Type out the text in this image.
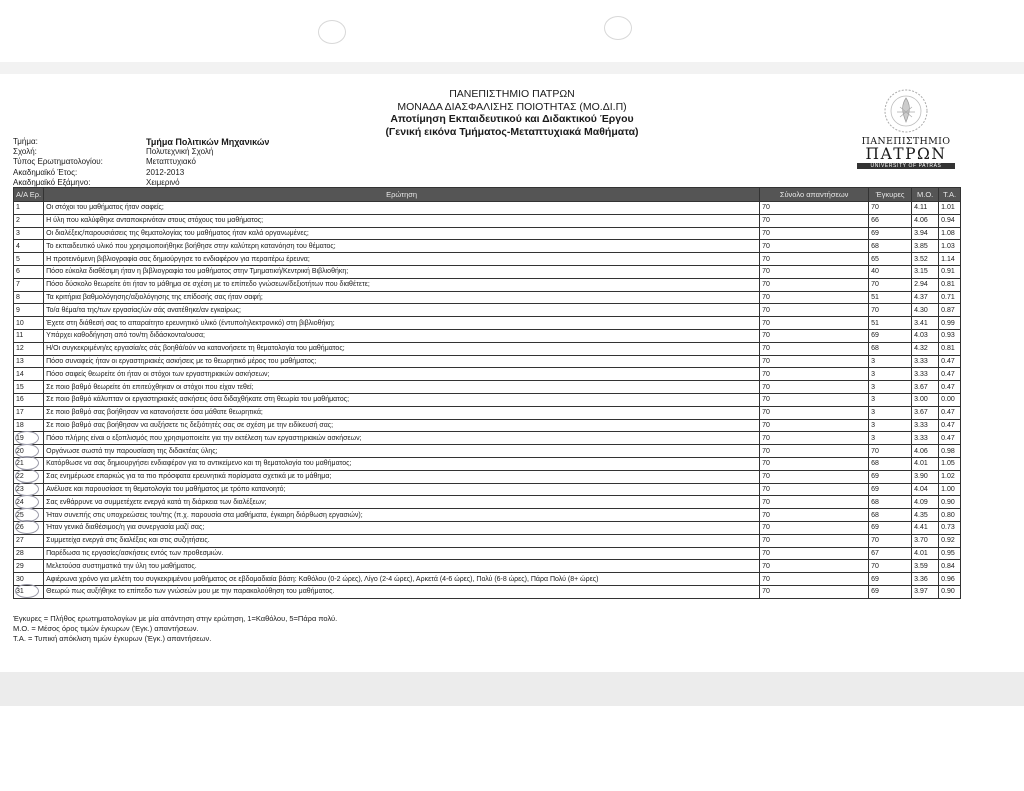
ΠΑΝΕΠΙΣΤΗΜΙΟ ΠΑΤΡΩΝ
ΜΟΝΑΔΑ ΔΙΑΣΦΑΛΙΣΗΣ ΠΟΙΟΤΗΤΑΣ (ΜΟ.ΔΙ.Π)
Αποτίμηση Εκπαιδευτικού και Διδακτικού Έργου
(Γενική εικόνα Τμήματος-Μεταπτυχιακά Μαθήματα)
Τμήμα:	Τμήμα Πολιτικών Μηχανικών
Σχολή:	Πολυτεχνική Σχολή
Τύπος Ερωτηματολογίου:	Μεταπτυχιακό
Ακαδημαϊκό Έτος:	2012-2013
Ακαδημαϊκό Εξάμηνο:	Χειμερινό
ΠΑΝΕΠΙΣΤΗΜΙΟ
ΠΑΤΡΩΝ
UNIVERSITY OF PATRAS
Α/Α Ερ.	Ερώτηση	Σύνολο απαντήσεων	Έγκυρες	Μ.Ο.	Τ.Α.
1	Οι στόχοι του μαθήματος ήταν σαφείς;	70	70	4.11	1.01
2	Η ύλη που καλύφθηκε ανταποκρινόταν στους στόχους του μαθήματος;	70	66	4.06	0.94
3	Οι διαλέξεις/παρουσιάσεις της θεματολογίας του μαθήματος ήταν καλά οργανωμένες;	70	69	3.94	1.08
4	Το εκπαιδευτικό υλικό που χρησιμοποιήθηκε βοήθησε στην καλύτερη κατανόηση του θέματος;	70	68	3.85	1.03
5	Η προτεινόμενη βιβλιογραφία σας δημιούργησε το ενδιαφέρον για περαιτέρω έρευνα;	70	65	3.52	1.14
6	Πόσο εύκολα διαθέσιμη ήταν η βιβλιογραφία του μαθήματος στην Τμηματική/Κεντρική Βιβλιοθήκη;	70	40	3.15	0.91
7	Πόσο δύσκολο θεωρείτε ότι ήταν το μάθημα σε σχέση με το επίπεδο γνώσεων/δεξιοτήτων που διαθέτετε;	70	70	2.94	0.81
8	Τα κριτήρια βαθμολόγησης/αξιολόγησης της επίδοσής σας ήταν σαφή;	70	51	4.37	0.71
9	Το/α θέμα/τα της/των εργασίας/ών σάς ανατέθηκε/αν εγκαίρως;	70	70	4.30	0.87
10	Έχετε στη διάθεσή σας το απαραίτητο ερευνητικό υλικό (έντυπο/ηλεκτρονικό) στη βιβλιοθήκη;	70	51	3.41	0.99
11	Υπάρχει καθοδήγηση από τον/τη διδάσκοντα/ουσα;	70	69	4.03	0.93
12	Η/Οι συγκεκριμένη/ες εργασία/ες σάς βοηθά/ούν να κατανοήσετε τη θεματολογία του μαθήματος;	70	68	4.32	0.81
13	Πόσο συναφείς ήταν οι εργαστηριακές ασκήσεις με το θεωρητικό μέρος του μαθήματος;	70	3	3.33	0.47
14	Πόσο σαφείς θεωρείτε ότι ήταν οι στόχοι των εργαστηριακών ασκήσεων;	70	3	3.33	0.47
15	Σε ποιο βαθμό θεωρείτε ότι επιτεύχθηκαν οι στόχοι που είχαν τεθεί;	70	3	3.67	0.47
16	Σε ποιο βαθμό κάλυπταν οι εργαστηριακές ασκήσεις όσα διδαχθήκατε στη θεωρία του μαθήματος;	70	3	3.00	0.00
17	Σε ποιο βαθμό σας βοήθησαν να κατανοήσετε όσα μάθατε θεωρητικά;	70	3	3.67	0.47
18	Σε ποιο βαθμό σας βοήθησαν να αυξήσετε τις δεξιότητές σας σε σχέση με την ειδίκευσή σας;	70	3	3.33	0.47
19	Πόσο πλήρης είναι ο εξοπλισμός που χρησιμοποιείτε για την εκτέλεση των εργαστηριακών ασκήσεων;	70	3	3.33	0.47
20	Οργάνωσε σωστά την παρουσίαση της διδακτέας ύλης;	70	70	4.06	0.98
21	Κατόρθωσε να σας δημιουργήσει ενδιαφέρον για το αντικείμενο και τη θεματολογία του μαθήματος;	70	68	4.01	1.05
22	Σας ενημέρωσε επαρκώς για τα πιο πρόσφατα ερευνητικά πορίσματα σχετικά με το μάθημα;	70	69	3.90	1.02
23	Ανέλυσε και παρουσίασε τη θεματολογία του μαθήματος με τρόπο κατανοητό;	70	69	4.04	1.00
24	Σας ενθάρρυνε να συμμετέχετε ενεργά κατά τη διάρκεια των διαλέξεων;	70	68	4.09	0.90
25	Ήταν συνεπής στις υποχρεώσεις του/της (π.χ. παρουσία στα μαθήματα, έγκαιρη διόρθωση εργασιών);	70	68	4.35	0.80
26	Ήταν γενικά διαθέσιμος/η για συνεργασία μαζί σας;	70	69	4.41	0.73
27	Συμμετείχα ενεργά στις διαλέξεις και στις συζητήσεις.	70	70	3.70	0.92
28	Παρέδωσα τις εργασίες/ασκήσεις εντός των προθεσμιών.	70	67	4.01	0.95
29	Μελετούσα συστηματικά την ύλη του μαθήματος.	70	70	3.59	0.84
30	Αφιέρωνα χρόνο για μελέτη του συγκεκριμένου μαθήματος σε εβδομαδιαία βάση: Καθόλου (0-2 ώρες), Λίγο (2-4 ώρες), Αρκετά (4-6 ώρες), Πολύ (6-8 ώρες), Πάρα Πολύ (8+ ώρες)	70	69	3.36	0.96
31	Θεωρώ πως αυξήθηκε το επίπεδο των γνώσεών μου με την παρακολούθηση του μαθήματος.	70	69	3.97	0.90
Έγκυρες = Πλήθος ερωτηματολογίων με μία απάντηση στην ερώτηση, 1=Καθόλου, 5=Πάρα πολύ.
Μ.Ο. = Μέσος όρος τιμών έγκυρων (Έγκ.) απαντήσεων.
Τ.Α. = Τυπική απόκλιση τιμών έγκυρων (Έγκ.) απαντήσεων.
